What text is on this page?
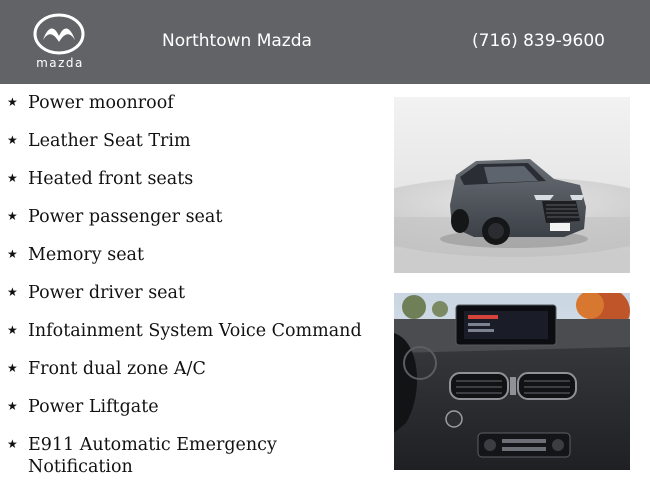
mazda
Northtown Mazda	(716) 839-9600
★ Power moonroof
★ Leather Seat Trim
★ Heated front seats
★ Power passenger seat
★ Memory seat
★ Power driver seat
★ Infotainment System Voice Command
★ Front dual zone A/C
★ Power Liftgate
★ E911 Automatic Emergency Notification
